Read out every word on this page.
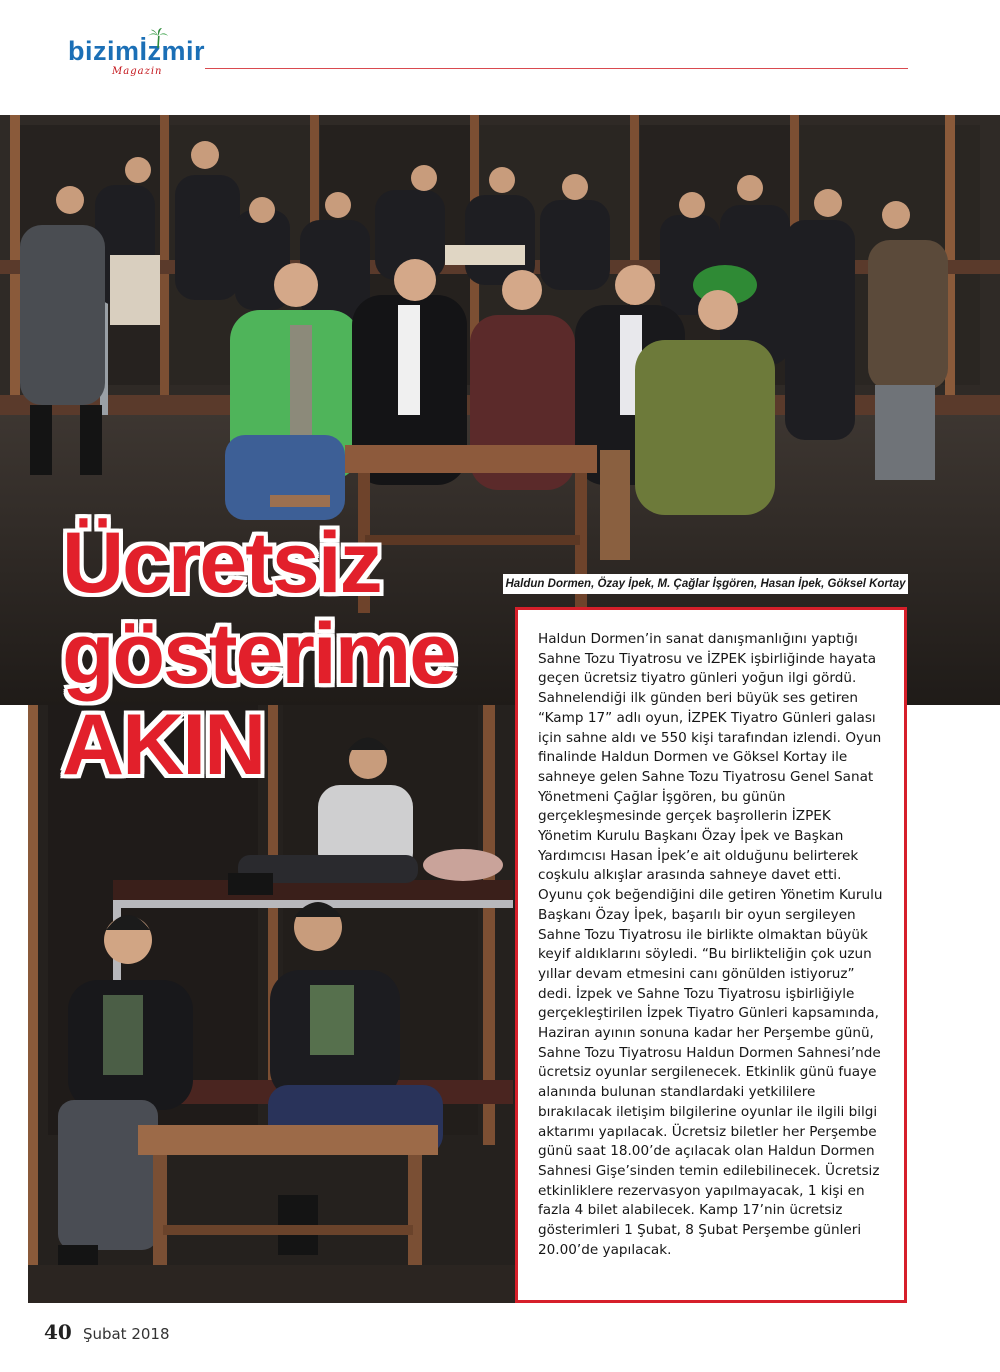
bizimİzmir
Magazin
Haldun Dormen, Özay İpek, M. Çağlar İşgören, Hasan İpek, Göksel Kortay
Ücretsiz
gösterime
AKIN

Haldun Dormen’in sanat danışmanlığını yaptığı Sahne Tozu Tiyatrosu ve İZPEK işbirliğinde hayata geçen ücretsiz tiyatro günleri yoğun ilgi gördü. Sahnelendiği ilk günden beri büyük ses getiren “Kamp 17” adlı oyun, İZPEK Tiyatro Günleri galası için sahne aldı ve 550 kişi tarafından izlendi. Oyun finalinde Haldun Dormen ve Göksel Kortay ile sahneye gelen Sahne Tozu Tiyatrosu Genel Sanat Yönetmeni Çağlar İşgören, bu günün gerçekleşmesinde gerçek başrollerin İZPEK Yönetim Kurulu Başkanı Özay İpek ve Başkan Yardımcısı Hasan İpek’e ait olduğunu belirterek coşkulu alkışlar arasında sahneye davet etti. Oyunu çok beğendiğini dile getiren Yönetim Kurulu Başkanı Özay İpek, başarılı bir oyun sergileyen Sahne Tozu Tiyatrosu ile birlikte olmaktan büyük keyif aldıklarını söyledi. “Bu birlikteliğin çok uzun yıllar devam etmesini canı gönülden istiyoruz” dedi. İzpek ve Sahne Tozu Tiyatrosu işbirliğiyle gerçekleştirilen İzpek Tiyatro Günleri kapsamında, Haziran ayının sonuna kadar her Perşembe günü, Sahne Tozu Tiyatrosu Haldun Dormen Sahnesi’nde ücretsiz oyunlar sergilenecek. Etkinlik günü fuaye alanında bulunan standlardaki yetkililere bırakılacak iletişim bilgilerine oyunlar ile ilgili bilgi aktarımı yapılacak. Ücretsiz biletler her Perşembe günü saat 18.00’de açılacak olan Haldun Dormen Sahnesi Gişe’sinden temin edilebilinecek. Ücretsiz etkinliklere rezervasyon yapılmayacak, 1 kişi en fazla 4 bilet alabilecek. Kamp 17’nin ücretsiz gösterimleri 1 Şubat, 8 Şubat Perşembe günleri 20.00’de yapılacak.

40 Şubat 2018
